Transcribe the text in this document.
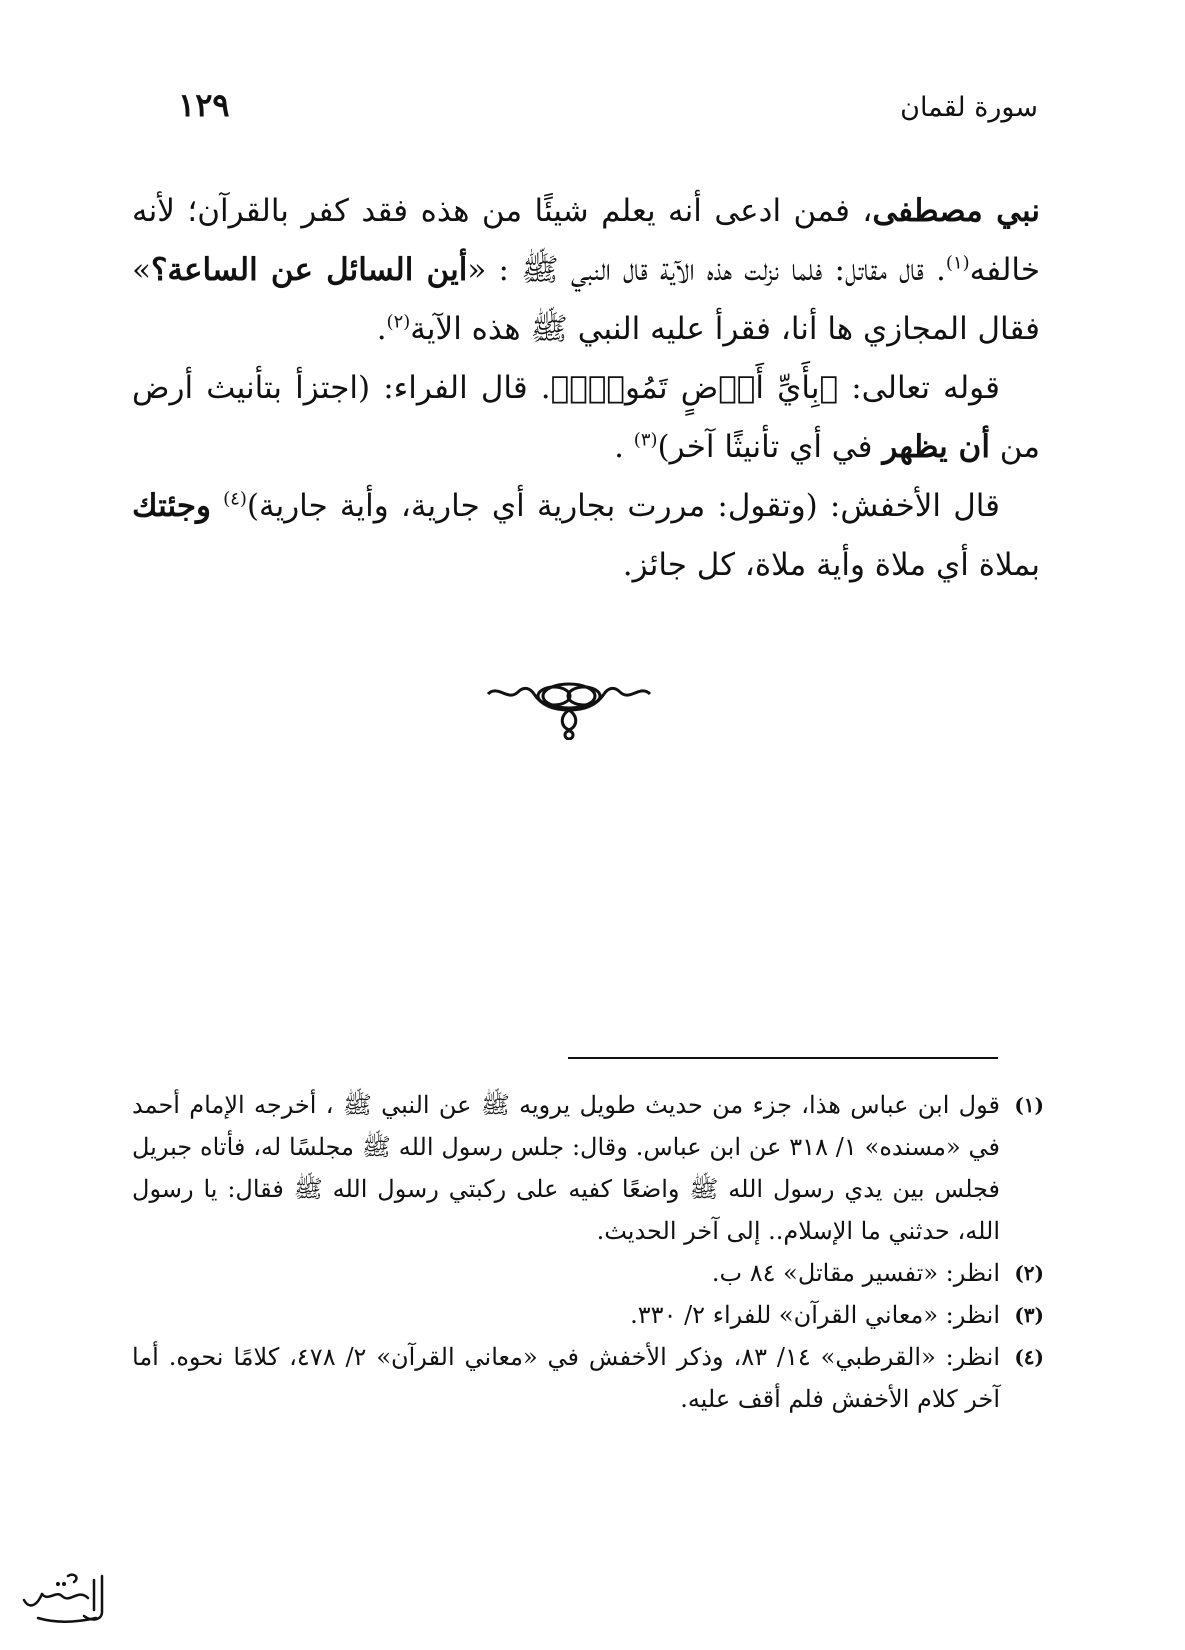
سورة لقمان
١٢٩

نبي مصطفى، فمن ادعى أنه يعلم شيئًا من هذه فقد كفر بالقرآن؛ لأنه خالفه$^{(١)}$. قال مقاتل: فلما نزلت هذه الآية قال النبي ﷺ : «أين السائل عن الساعة؟» فقال المجازي ها أنا، فقرأ عليه النبي ﷺ هذه الآية$^{(٢)}$.

قوله تعالى: ﴿بِأَيِّ أَرۡضٍ تَمُوتُۚ﴾. قال الفراء: (اجتزأ بتأنيث أرض من أن يظهر في أي تأنيثًا آخر)$^{(٣)}$ .

قال الأخفش: (وتقول: مررت بجارية أي جارية، وأية جارية)$^{(٤)}$ وجئتك بملاة أي ملاة وأية ملاة، كل جائز.

(١)
قول ابن عباس هذا، جزء من حديث طويل يرويه ﷺ عن النبي ﷺ ، أخرجه الإمام أحمد في «مسنده» ١/ ٣١٨ عن ابن عباس. وقال: جلس رسول الله ﷺ مجلسًا له، فأتاه جبريل فجلس بين يدي رسول الله ﷺ واضعًا كفيه على ركبتي رسول الله ﷺ فقال: يا رسول الله، حدثني ما الإسلام.. إلى آخر الحديث.
(٢)
انظر: «تفسير مقاتل» ٨٤ ب.
(٣)
انظر: «معاني القرآن» للفراء ٢/ ٣٣٠.
(٤)
انظر: «القرطبي» ١٤/ ٨٣، وذكر الأخفش في «معاني القرآن» ٢/ ٤٧٨، كلامًا نحوه. أما آخر كلام الأخفش فلم أقف عليه.
